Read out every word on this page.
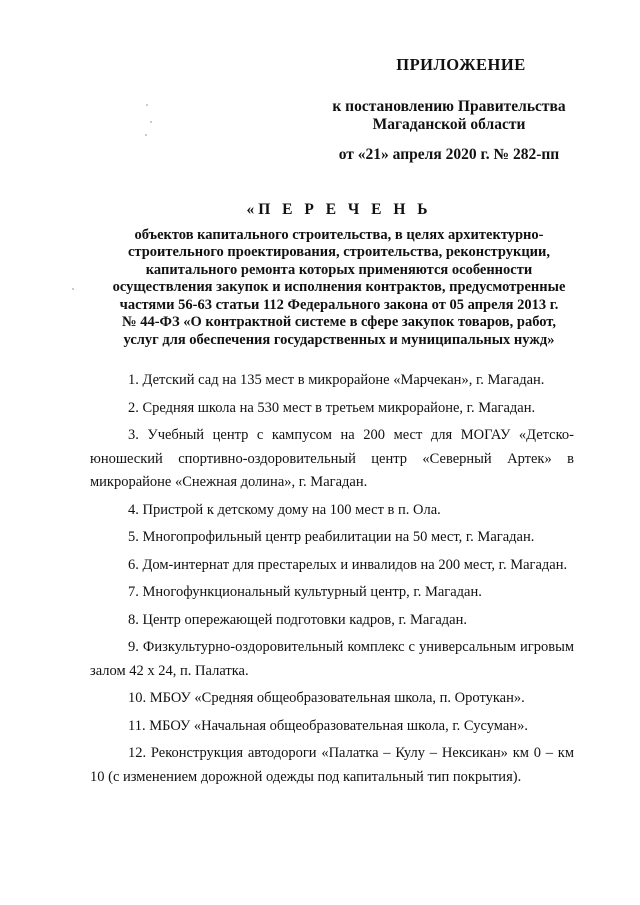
ПРИЛОЖЕНИЕ
к постановлению Правительства
Магаданской области
от «21» апреля 2020 г. № 282-пп
«П Е Р Е Ч Е Н Ь
объектов капитального строительства, в целях архитектурно-
строительного проектирования, строительства, реконструкции,
капитального ремонта которых применяются особенности
осуществления закупок и исполнения контрактов, предусмотренные
частями 56-63 статьи 112 Федерального закона от 05 апреля 2013 г.
№ 44-ФЗ «О контрактной системе в сфере закупок товаров, работ,
услуг для обеспечения государственных и муниципальных нужд»

1. Детский сад на 135 мест в микрорайоне «Марчекан», г. Магадан.

2. Средняя школа на 530 мест в третьем микрорайоне, г. Магадан.

3. Учебный центр с кампусом на 200 мест для МОГАУ «Детско-юношеский спортивно-оздоровительный центр «Северный Артек» в микрорайоне «Снежная долина», г. Магадан.

4. Пристрой к детскому дому на 100 мест в п. Ола.

5. Многопрофильный центр реабилитации на 50 мест, г. Магадан.

6. Дом-интернат для престарелых и инвалидов на 200 мест, г. Магадан.

7. Многофункциональный культурный центр, г. Магадан.

8. Центр опережающей подготовки кадров, г. Магадан.

9. Физкультурно-оздоровительный комплекс с универсальным игровым залом 42 х 24, п. Палатка.

10. МБОУ «Средняя общеобразовательная школа, п. Оротукан».

11. МБОУ «Начальная общеобразовательная школа, г. Сусуман».

12. Реконструкция автодороги «Палатка – Кулу – Нексикан» км 0 – км 10 (с изменением дорожной одежды под капитальный тип покрытия).
